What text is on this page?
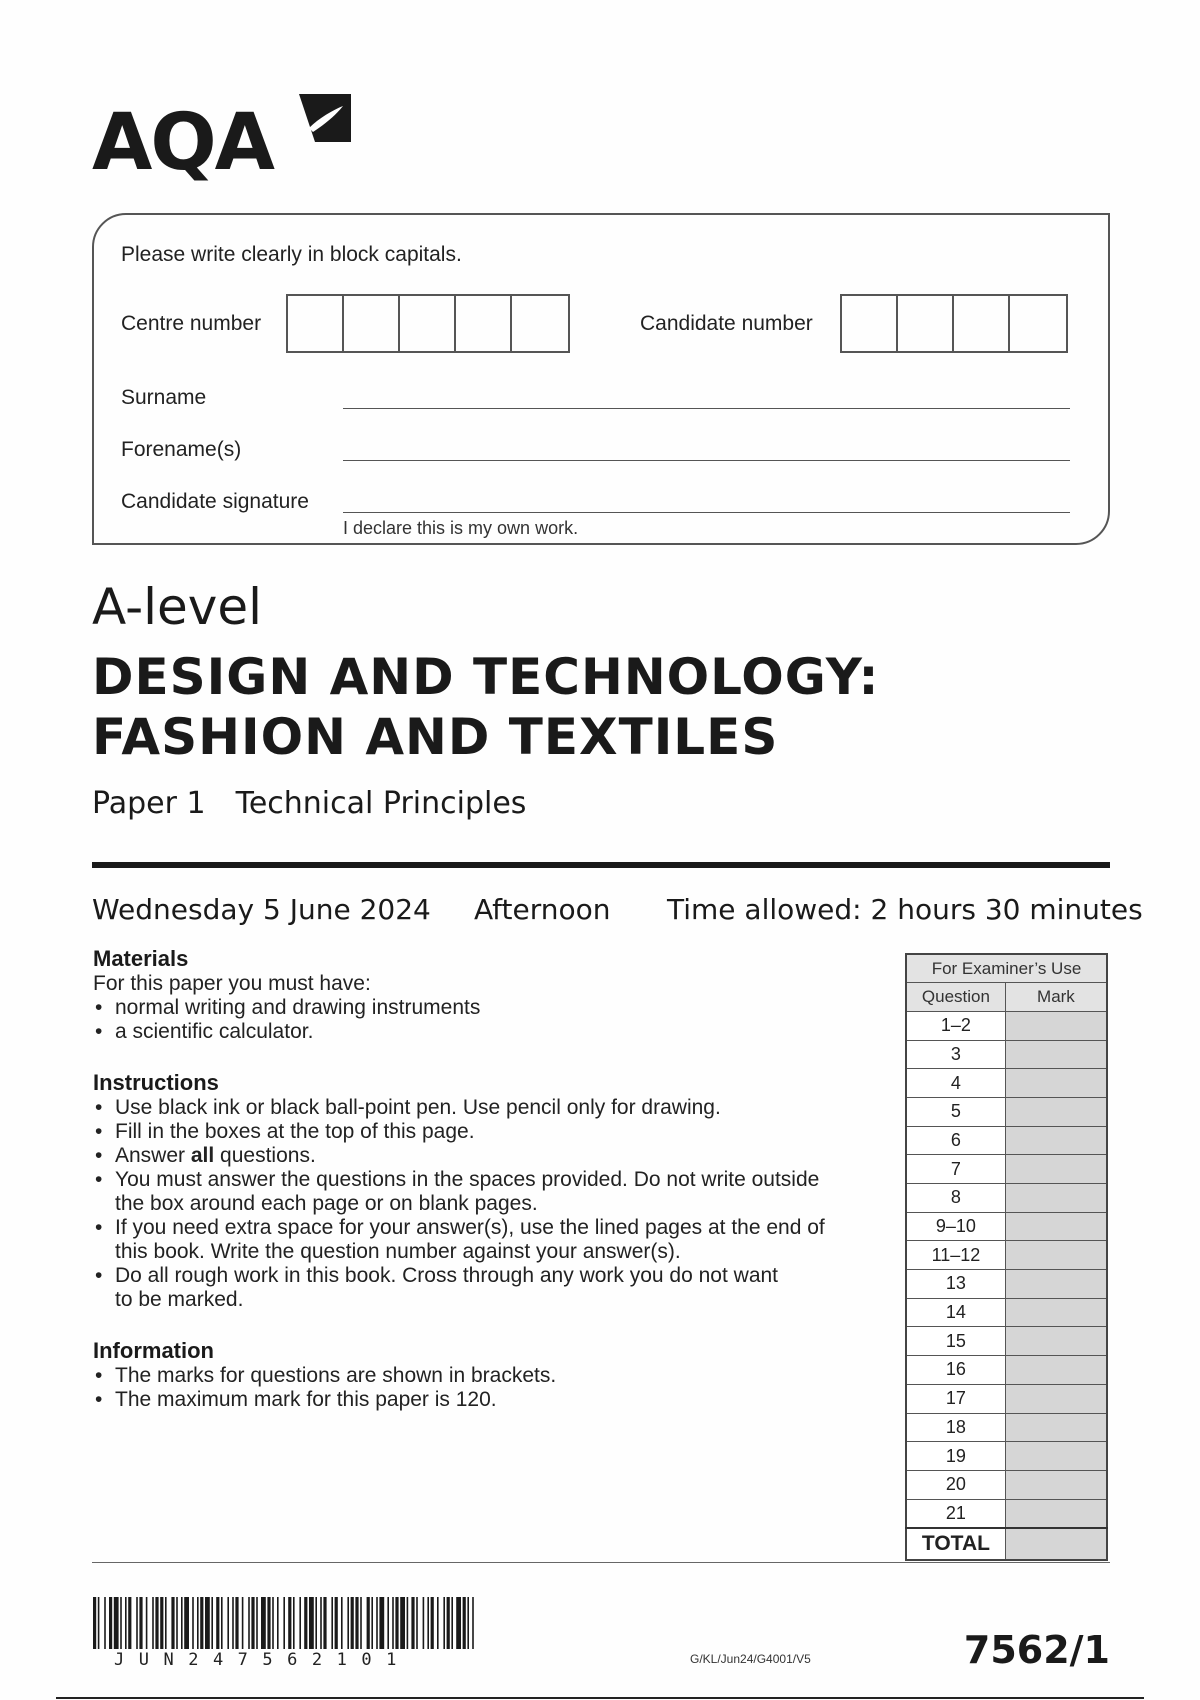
AQA
Please write clearly in block capitals.
Centre number	Candidate number
Surname
Forename(s)
Candidate signature
I declare this is my own work.
A-level
DESIGN AND TECHNOLOGY:
FASHION AND TEXTILES
Paper 1 Technical Principles
Wednesday 5 June 2024 Afternoon Time allowed: 2 hours 30 minutes
Materials
For this paper you must have:
• normal writing and drawing instruments
• a scientific calculator.
Instructions
• Use black ink or black ball-point pen. Use pencil only for drawing.
• Fill in the boxes at the top of this page.
• Answer all questions.
• You must answer the questions in the spaces provided. Do not write outside
the box around each page or on blank pages.
• If you need extra space for your answer(s), use the lined pages at the end of
this book. Write the question number against your answer(s).
• Do all rough work in this book. Cross through any work you do not want
to be marked.
Information
• The marks for questions are shown in brackets.
• The maximum mark for this paper is 120.
For Examiner’s Use	
Question	Mark
1–2	
3	
4	
5	
6	
7	
8	
9–10	
11–12	
13	
14	
15	
16	
17	
18	
19	
20	
21	
TOTAL	
JUN247562101	G/KL/Jun24/G4001/V5	7562/1
